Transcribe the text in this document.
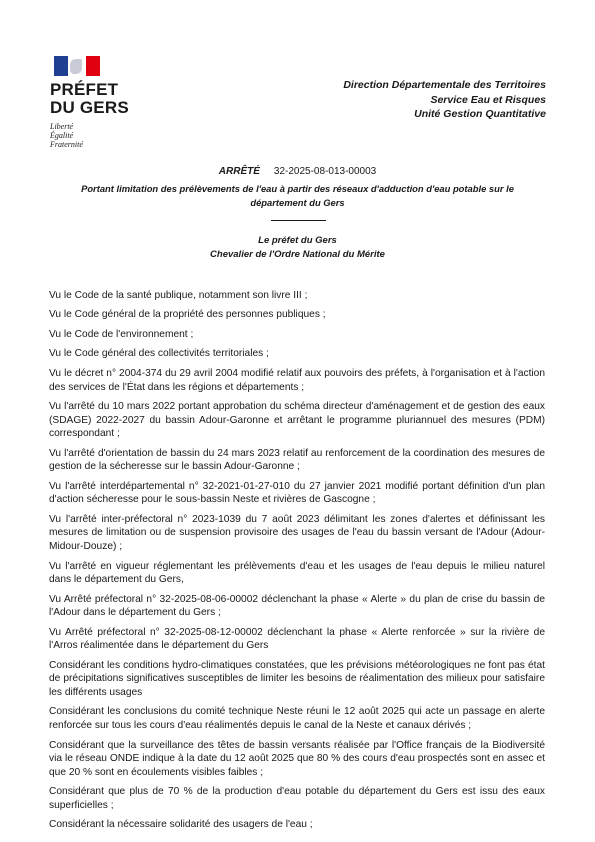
PRÉFET
DU GERS
Liberté
Égalité
Fraternité
Direction Départementale des Territoires
Service Eau et Risques
Unité Gestion Quantitative
ARRÊTÉ 32-2025-08-013-00003
Portant limitation des prélèvements de l'eau à partir des réseaux d'adduction d'eau potable sur le
département du Gers
Le préfet du Gers
Chevalier de l'Ordre National du Mérite

Vu le Code de la santé publique, notamment son livre III ;

Vu le Code général de la propriété des personnes publiques ;

Vu le Code de l'environnement ;

Vu le Code général des collectivités territoriales ;

Vu le décret n° 2004-374 du 29 avril 2004 modifié relatif aux pouvoirs des préfets, à l'organisation et à l'action des services de l'État dans les régions et départements ;

Vu l'arrêté du 10 mars 2022 portant approbation du schéma directeur d'aménagement et de gestion des eaux (SDAGE) 2022-2027 du bassin Adour-Garonne et arrêtant le programme pluriannuel des mesures (PDM) correspondant ;

Vu l'arrêté d'orientation de bassin du 24 mars 2023 relatif au renforcement de la coordination des mesures de gestion de la sécheresse sur le bassin Adour-Garonne ;

Vu l'arrêté interdépartemental n° 32-2021-01-27-010 du 27 janvier 2021 modifié portant définition d'un plan d'action sécheresse pour le sous-bassin Neste et rivières de Gascogne ;

Vu l'arrêté inter-préfectoral n° 2023-1039 du 7 août 2023 délimitant les zones d'alertes et définissant les mesures de limitation ou de suspension provisoire des usages de l'eau du bassin versant de l'Adour (Adour-Midour-Douze) ;

Vu l'arrêté en vigueur réglementant les prélèvements d'eau et les usages de l'eau depuis le milieu naturel dans le département du Gers,

Vu Arrêté préfectoral n° 32-2025-08-06-00002 déclenchant la phase « Alerte » du plan de crise du bassin de l'Adour dans le département du Gers ;

Vu Arrêté préfectoral n° 32-2025-08-12-00002 déclenchant la phase « Alerte renforcée » sur la rivière de l'Arros réalimentée dans le département du Gers

Considérant les conditions hydro-climatiques constatées, que les prévisions météorologiques ne font pas état de précipitations significatives susceptibles de limiter les besoins de réalimentation des milieux pour satisfaire les différents usages

Considérant les conclusions du comité technique Neste réuni le 12 août 2025 qui acte un passage en alerte renforcée sur tous les cours d'eau réalimentés depuis le canal de la Neste et canaux dérivés ;

Considérant que la surveillance des têtes de bassin versants réalisée par l'Office français de la Biodiversité via le réseau ONDE indique à la date du 12 août 2025 que 80 % des cours d'eau prospectés sont en assec et que 20 % sont en écoulements visibles faibles ;

Considérant que plus de 70 % de la production d'eau potable du département du Gers est issu des eaux superficielles ;

Considérant la nécessaire solidarité des usagers de l'eau ;
